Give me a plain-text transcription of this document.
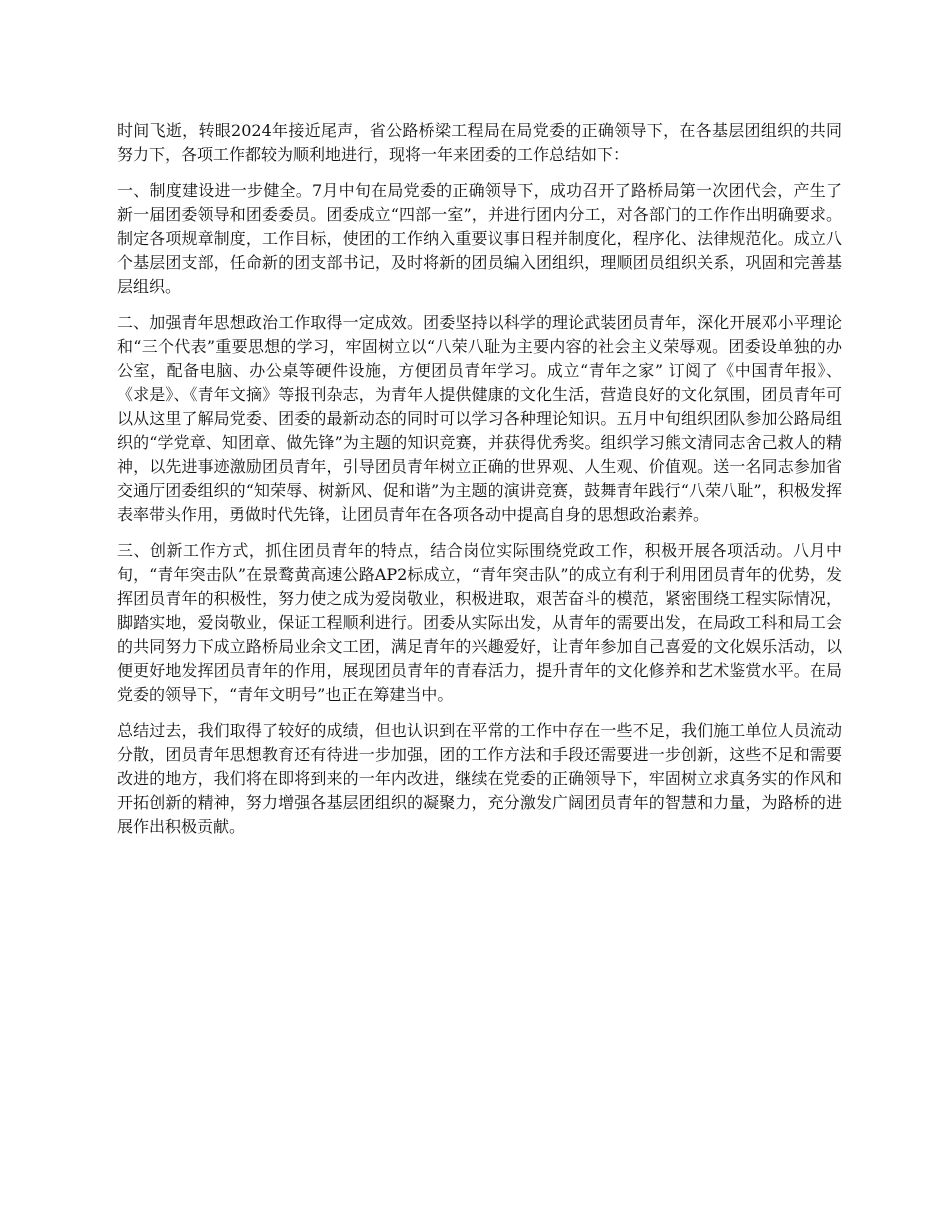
时间飞逝，转眼2024年接近尾声，省公路桥梁工程局在局党委的正确领导下，在各基层团组织的共同努力下，各项工作都较为顺利地进行，现将一年来团委的工作总结如下：

一、制度建设进一步健全。7月中旬在局党委的正确领导下，成功召开了路桥局第一次团代会，产生了新一届团委领导和团委委员。团委成立“四部一室”，并进行团内分工，对各部门的工作作出明确要求。制定各项规章制度，工作目标，使团的工作纳入重要议事日程并制度化，程序化、法律规范化。成立八个基层团支部，任命新的团支部书记，及时将新的团员编入团组织，理顺团员组织关系，巩固和完善基层组织。

二、加强青年思想政治工作取得一定成效。团委坚持以科学的理论武装团员青年，深化开展邓小平理论和“三个代表”重要思想的学习，牢固树立以“八荣八耻为主要内容的社会主义荣辱观。团委设单独的办公室，配备电脑、办公桌等硬件设施，方便团员青年学习。成立“青年之家” 订阅了《中国青年报》、《求是》、《青年文摘》等报刊杂志，为青年人提供健康的文化生活，营造良好的文化氛围，团员青年可以从这里了解局党委、团委的最新动态的同时可以学习各种理论知识。五月中旬组织团队参加公路局组织的“学党章、知团章、做先锋”为主题的知识竞赛，并获得优秀奖。组织学习熊文清同志舍己救人的精神，以先进事迹激励团员青年，引导团员青年树立正确的世界观、人生观、价值观。送一名同志参加省交通厅团委组织的“知荣辱、树新风、促和谐”为主题的演讲竞赛，鼓舞青年践行“八荣八耻”，积极发挥表率带头作用，勇做时代先锋，让团员青年在各项各动中提高自身的思想政治素养。

三、创新工作方式，抓住团员青年的特点，结合岗位实际围绕党政工作，积极开展各项活动。八月中旬，“青年突击队”在景鹜黄高速公路AP2标成立，“青年突击队”的成立有利于利用团员青年的优势，发挥团员青年的积极性，努力使之成为爱岗敬业，积极进取，艰苦奋斗的模范，紧密围绕工程实际情况，脚踏实地，爱岗敬业，保证工程顺利进行。团委从实际出发，从青年的需要出发，在局政工科和局工会的共同努力下成立路桥局业余文工团，满足青年的兴趣爱好，让青年参加自己喜爱的文化娱乐活动，以便更好地发挥团员青年的作用，展现团员青年的青春活力，提升青年的文化修养和艺术鉴赏水平。在局党委的领导下，“青年文明号”也正在筹建当中。

总结过去，我们取得了较好的成绩，但也认识到在平常的工作中存在一些不足，我们施工单位人员流动分散，团员青年思想教育还有待进一步加强，团的工作方法和手段还需要进一步创新，这些不足和需要改进的地方，我们将在即将到来的一年内改进，继续在党委的正确领导下，牢固树立求真务实的作风和开拓创新的精神，努力增强各基层团组织的凝聚力，充分激发广阔团员青年的智慧和力量，为路桥的进展作出积极贡献。
